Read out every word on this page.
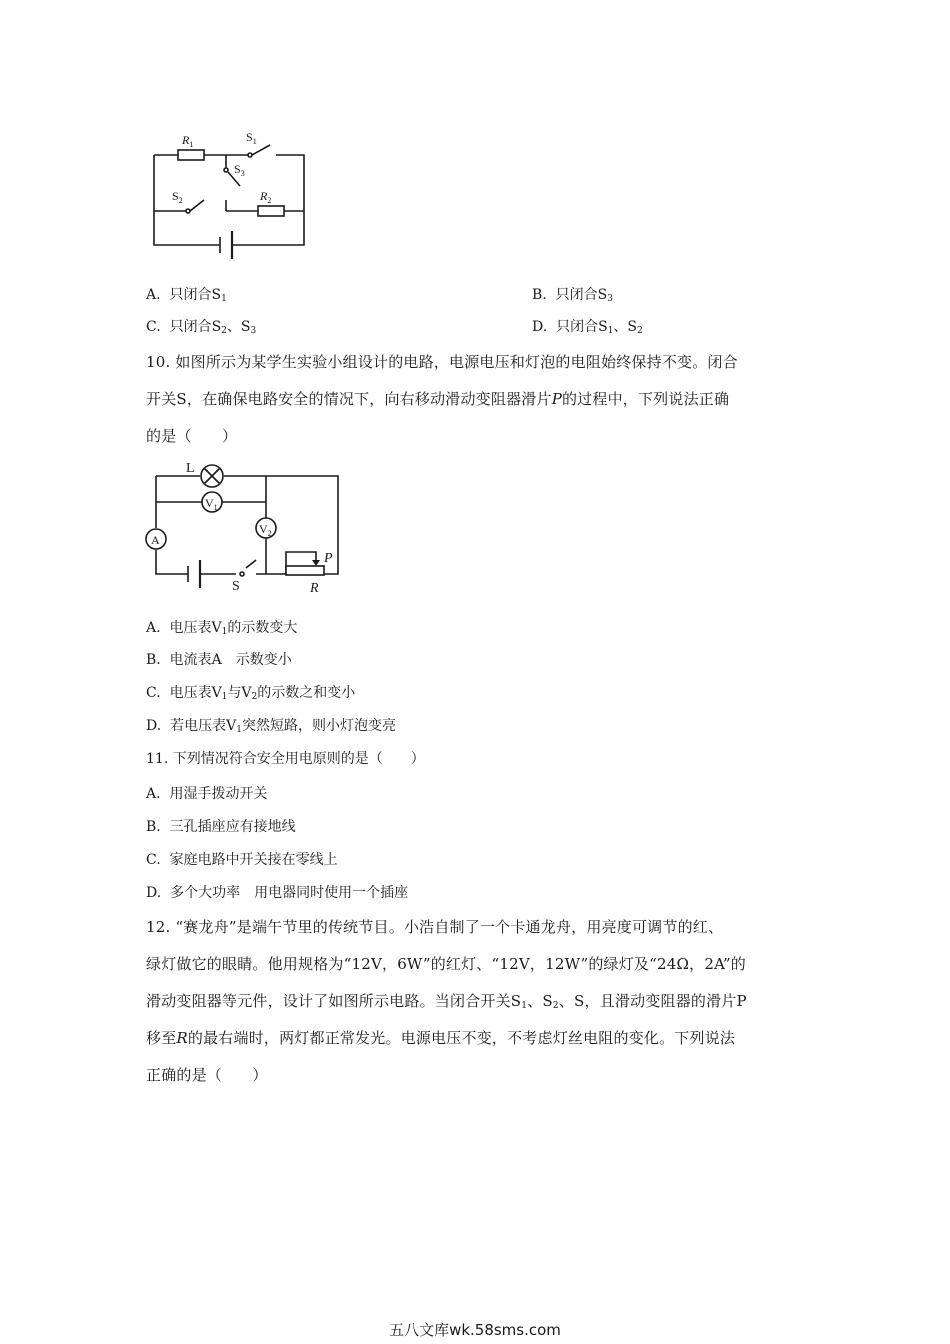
$R_1$
$S_1$
$S_3$
$S_2$	$R_2$
A. 只闭合$S_1$	B. 只闭合$S_3$
C. 只闭合$S_2$、$S_3$	D. 只闭合$S_1$、$S_2$
10. 如图所示为某学生实验小组设计的电路，电源电压和灯泡的电阻始终保持不变。闭合
开关S，在确保电路安全的情况下，向右移动滑动变阻器滑片P的过程中，下列说法正确
的是（　　）
L
$V_1$
$V_2$
A
S
P
R
A. 电压表$V_1$的示数变大
B. 电流表A　示数变小
C. 电压表$V_1$与$V_2$的示数之和变小
D. 若电压表$V_1$突然短路，则小灯泡变亮
11. 下列情况符合安全用电原则的是（　　）
A. 用湿手拨动开关
B. 三孔插座应有接地线
C. 家庭电路中开关接在零线上
D. 多个大功率　用电器同时使用一个插座
12. “赛龙舟”是端午节里的传统节目。小浩自制了一个卡通龙舟，用亮度可调节的红、
绿灯做它的眼睛。他用规格为“12V，6W”的红灯、“12V，12W”的绿灯及“24Ω，2A”的
滑动变阻器等元件，设计了如图所示电路。当闭合开关$S_1$、$S_2$、S，且滑动变阻器的滑片P
移至R的最右端时，两灯都正常发光。电源电压不变，不考虑灯丝电阻的变化。下列说法
正确的是（　　）
五八文库wk.58sms.com
